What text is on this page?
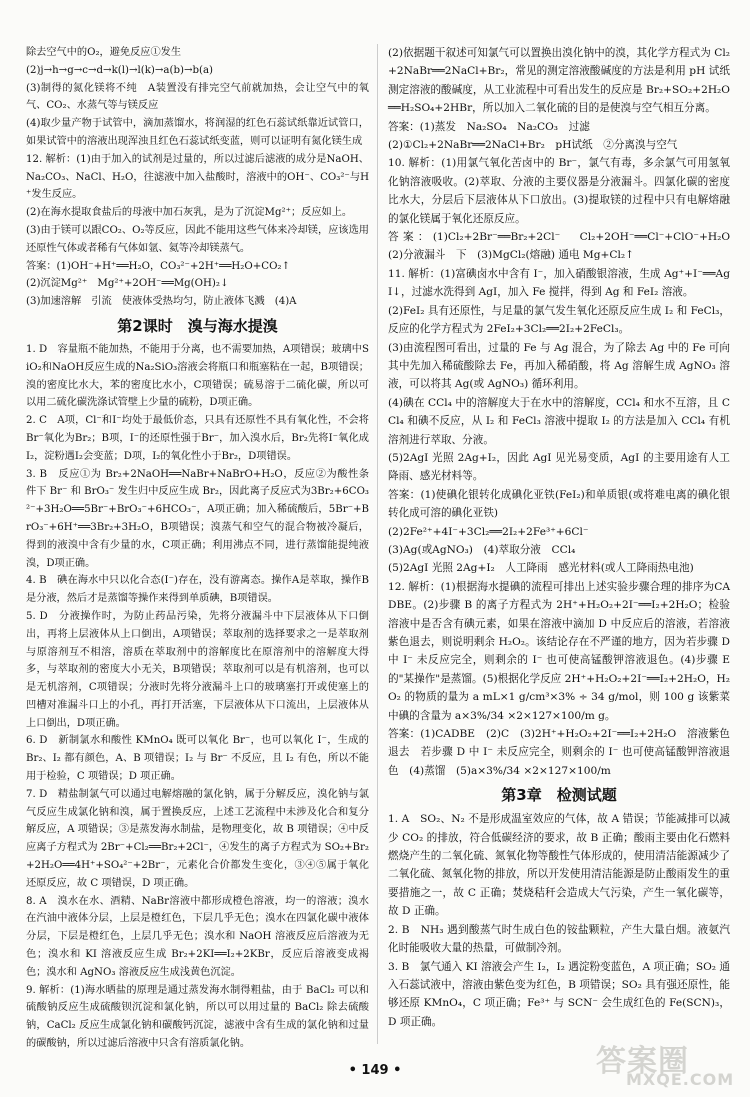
除去空气中的O₂，避免反应①发生
(2)j→h→g→c→d→k(l)→l(k)→a(b)→b(a)
(3)制得的氮化镁将不纯　A装置没有排完空气前就加热，会让空气中的氧气、CO₂、水蒸气等与镁反应
(4)取少量产物于试管中，滴加蒸馏水，将润湿的红色石蕊试纸靠近试管口，如果试管中的溶液出现浑浊且红色石蕊试纸变蓝，则可以证明有氮化镁生成
12. 解析：(1)由于加入的试剂是过量的，所以过滤后滤液的成分是NaOH、Na₂CO₃、NaCl、H₂O，往滤液中加入盐酸时，溶液中的OH⁻、CO₃²⁻与H⁺发生反应。
(2)在海水提取食盐后的母液中加石灰乳，是为了沉淀Mg²⁺；反应如上。
(3)由于镁可以跟CO₂、O₂等反应，因此不能用这些气体来冷却镁，应该选用还原性气体或者稀有气体如氩、氦等冷却镁蒸气。
答案：(1)OH⁻+H⁺══H₂O，CO₃²⁻+2H⁺══H₂O+CO₂↑
(2)沉淀Mg²⁺　Mg²⁺+2OH⁻══Mg(OH)₂↓
(3)加速溶解　引流　使液体受热均匀，防止液体飞溅　(4)A
第2课时　溴与海水提溴
1. D　容量瓶不能加热，不能用于分离，也不需要加热，A项错误；玻璃中SiO₂和NaOH反应生成的Na₂SiO₃溶液会将瓶口和瓶塞粘在一起，B项错误；溴的密度比水大，苯的密度比水小，C项错误；硫易溶于二硫化碳，所以可以用二硫化碳洗涤试管壁上少量的硫粉，D项正确。
2. C　A项，Cl⁻和I⁻均处于最低价态，只具有还原性不具有氧化性，不会将Br⁻氧化为Br₂；B项，I⁻的还原性强于Br⁻，加入溴水后，Br₂先将I⁻氧化成I₂，淀粉遇I₂会变蓝；D项，I₂的氧化性小于Br₂，D项错误。
3. B　反应①为 Br₂+2NaOH══NaBr+NaBrO+H₂O，反应②为酸性条件下 Br⁻ 和 BrO₃⁻ 发生归中反应生成 Br₂，因此离子反应式为3Br₂+6CO₃²⁻+3H₂O══5Br⁻+BrO₃⁻+6HCO₃⁻，A项正确；加入稀硫酸后，5Br⁻+BrO₃⁻+6H⁺══3Br₂+3H₂O，B项错误；溴蒸气和空气的混合物被冷凝后，得到的液溴中含有少量的水，C项正确；利用沸点不同，进行蒸馏能提纯液溴，D项正确。
4. B　碘在海水中只以化合态(I⁻)存在，没有游离态。操作A是萃取，操作B是分液，然后才是蒸馏等操作来得到单质碘，B项错误。
5. D　分液操作时，为防止药品污染，先将分液漏斗中下层液体从下口倒出，再将上层液体从上口倒出，A项错误；萃取剂的选择要求之一是萃取剂与原溶剂互不相溶，溶质在萃取剂中的溶解度比在原溶剂中的溶解度大得多，与萃取剂的密度大小无关，B项错误；萃取剂可以是有机溶剂，也可以是无机溶剂，C项错误；分液时先将分液漏斗上口的玻璃塞打开或使塞上的凹槽对准漏斗口上的小孔，再打开活塞，下层液体从下口流出，上层液体从上口倒出，D项正确。
6. D　新制氯水和酸性 KMnO₄ 既可以氧化 Br⁻，也可以氧化 I⁻，生成的 Br₂、I₂ 都有颜色，A、B 项错误；I₂ 与 Br⁻ 不反应，且 I₂ 有色，所以不能用于检验，C 项错误；D 项正确。
7. D　精盐制氯气可以通过电解熔融的氯化钠，属于分解反应，溴化钠与氯气反应生成氯化钠和溴，属于置换反应，上述工艺流程中未涉及化合和复分解反应，A 项错误；③是蒸发海水制盐，是物理变化，故 B 项错误；④中反应离子方程式为 2Br⁻+Cl₂══Br₂+2Cl⁻，④发生的离子方程式为 SO₂+Br₂+2H₂O══4H⁺+SO₄²⁻+2Br⁻，元素化合价都发生变化，③④⑤属于氧化还原反应，故 C 项错误，D 项正确。
8. A　溴水在水、酒精、NaBr溶液中都形成橙色溶液，均一的溶液；溴水在汽油中液体分层，上层是橙红色，下层几乎无色；溴水在四氯化碳中液体分层，下层是橙红色，上层几乎无色；溴水和 NaOH 溶液反应后溶液为无色；溴水和 KI 溶液反应生成 Br₂+2KI══I₂+2KBr，反应后溶液变成褐色；溴水和 AgNO₃ 溶液反应生成浅黄色沉淀。
9. 解析：(1)海水晒盐的原理是通过蒸发海水制得粗盐，由于 BaCl₂ 可以和硫酸钠反应生成硫酸钡沉淀和氯化钠，所以可以用过量的 BaCl₂ 除去硫酸钠，CaCl₂ 反应生成氯化钠和碳酸钙沉淀，滤液中含有生成的氯化钠和过量的碳酸钠，所以过滤后溶液中只含有溶质氯化钠。
(2)依据题干叙述可知氯气可以置换出溴化钠中的溴，其化学方程式为 Cl₂+2NaBr══2NaCl+Br₂，常见的测定溶液酸碱度的方法是利用 pH 试纸测定溶液的酸碱度，从工业流程中可看出发生的反应是 Br₂+SO₂+2H₂O══H₂SO₄+2HBr，所以加入二氧化硫的目的是使溴与空气相互分离。
答案：(1)蒸发　Na₂SO₄　Na₂CO₃　过滤
(2)①Cl₂+2NaBr══2NaCl+Br₂　pH试纸　②分离溴与空气
10. 解析：(1)用氯气氧化苦卤中的 Br⁻，氯气有毒，多余氯气可用氢氧化钠溶液吸收。(2)萃取、分液的主要仪器是分液漏斗。四氯化碳的密度比水大，分层后下层液体从下口放出。(3)提取镁的过程中只有电解熔融的氯化镁属于氧化还原反应。
答案：(1)Cl₂+2Br⁻══Br₂+2Cl⁻　Cl₂+2OH⁻══Cl⁻+ClO⁻+H₂O　(2)分液漏斗　下　(3)MgCl₂(熔融) 通电 Mg+Cl₂↑
11. 解析：(1)富碘卤水中含有 I⁻，加入硝酸银溶液，生成 Ag⁺+I⁻══AgI↓，过滤水洗得到 AgI，加入 Fe 搅拌，得到 Ag 和 FeI₂ 溶液。
(2)FeI₂ 具有还原性，与足量的氯气发生氧化还原反应生成 I₂ 和 FeCl₃，反应的化学方程式为 2FeI₂+3Cl₂══2I₂+2FeCl₃。
(3)由流程图可看出，过量的 Fe 与 Ag 混合，为了除去 Ag 中的 Fe 可向其中先加入稀硫酸除去 Fe，再加入稀硝酸，将 Ag 溶解生成 AgNO₃ 溶液，可以将其 Ag(或 AgNO₃) 循环利用。
(4)碘在 CCl₄ 中的溶解度大于在水中的溶解度，CCl₄ 和水不互溶，且 CCl₄ 和碘不反应，从 I₂ 和 FeCl₃ 溶液中提取 I₂ 的方法是加入 CCl₄ 有机溶剂进行萃取、分液。
(5)2AgI 光照 2Ag+I₂，因此 AgI 见光易变质，AgI 的主要用途有人工降雨、感光材料等。
答案：(1)使碘化银转化成碘化亚铁(FeI₂)和单质银(或将难电离的碘化银转化成可溶的碘化亚铁)
(2)2Fe²⁺+4I⁻+3Cl₂══2I₂+2Fe³⁺+6Cl⁻
(3)Ag(或AgNO₃)　(4)萃取分液　CCl₄
(5)2AgI 光照 2Ag+I₂　人工降雨　感光材料(或人工降雨热电池)
12. 解析：(1)根据海水提碘的流程可排出上述实验步骤合理的排序为CADBE。(2)步骤 B 的离子方程式为 2H⁺+H₂O₂+2I⁻══I₂+2H₂O；检验溶液中是否含有碘元素，如果在溶液中滴加 D 中反应后的溶液，若溶液紫色退去，则说明剩余 H₂O₂。该结论存在不严谨的地方，因为若步骤 D 中 I⁻ 未反应完全，则剩余的 I⁻ 也可使高锰酸钾溶液退色。(4)步骤 E 的"某操作"是蒸馏。(5)根据化学反应 2H⁺+H₂O₂+2I⁻══I₂+2H₂O，H₂O₂ 的物质的量为 a mL×1 g/cm³×3% ÷ 34 g/mol，则 100 g 该紫菜中碘的含量为 a×3%/34 ×2×127×100/m g。
答案：(1)CADBE　(2)C　(3)2H⁺+H₂O₂+2I⁻══I₂+2H₂O　溶液紫色退去　若步骤 D 中 I⁻ 未反应完全，则剩余的 I⁻ 也可使高锰酸钾溶液退色　(4)蒸馏　(5)a×3%/34 ×2×127×100/m
第3章　检测试题
1. A　SO₂、N₂ 不是形成温室效应的气体，故 A 错误；节能减排可以减少 CO₂ 的排放，符合低碳经济的要求，故 B 正确；酸雨主要由化石燃料燃烧产生的二氧化硫、氮氧化物等酸性气体形成的，使用清洁能源减少了二氧化硫、氮氧化物的排放，所以开发使用清洁能源是防止酸雨发生的重要措施之一，故 C 正确；焚烧秸秆会造成大气污染，产生一氧化碳等，故 D 正确。
2. B　NH₃ 遇到酸蒸气时生成白色的铵盐颗粒，产生大量白烟。液氨汽化时能吸收大量的热量，可做制冷剂。
3. B　氯气通入 KI 溶液会产生 I₂，I₂ 遇淀粉变蓝色，A 项正确；SO₂ 通入石蕊试液中，溶液由紫色变为红色，B 项错误；SO₂ 具有强还原性，能够还原 KMnO₄，C 项正确；Fe³⁺ 与 SCN⁻ 会生成红色的 Fe(SCN)₃，D 项正确。
• 149 •	答案圈
MXQE.COM
